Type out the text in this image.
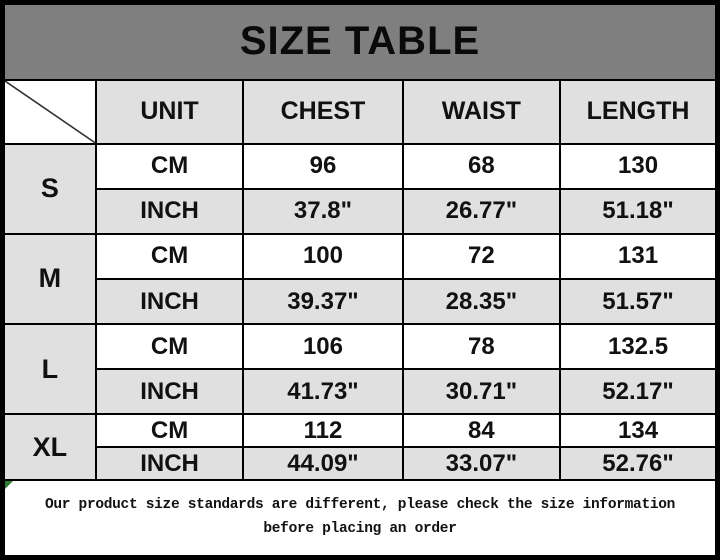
SIZE TABLE				

	UNIT	CHEST	WAIST	LENGTH
S	CM	96	68	130
	INCH	37.8"	26.77"	51.18"
M	CM	100	72	131
	INCH	39.37"	28.35"	51.57"
L	CM	106	78	132.5
	INCH	41.73"	30.71"	52.17"
XL	CM	112	84	134
	INCH	44.09"	33.07"	52.76"

Our product size standards are different, please check the size information
before placing an order				
